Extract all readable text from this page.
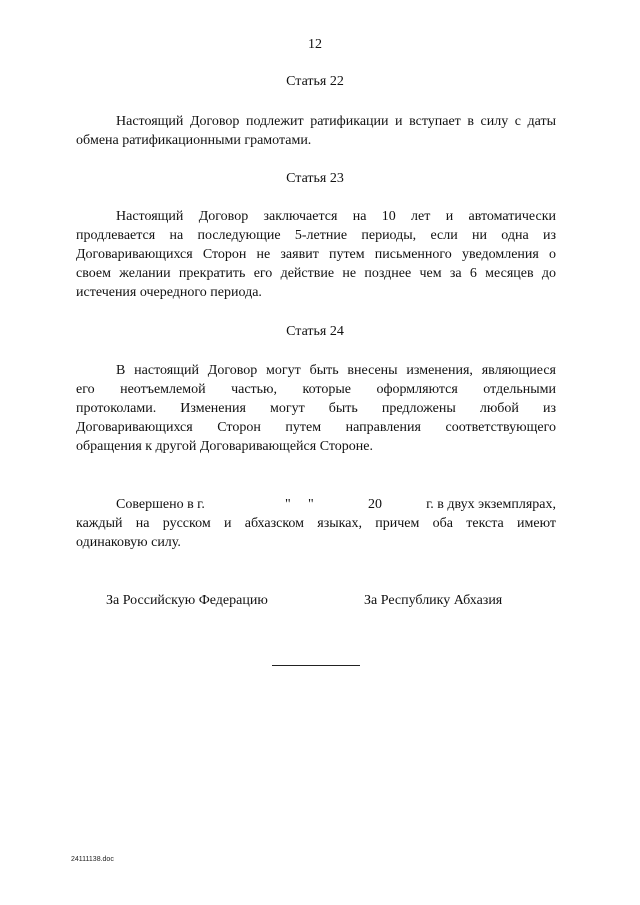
12
Статья 22
Настоящий Договор подлежит ратификации и вступает в силу с даты
обмена ратификационными грамотами.
Статья 23
Настоящий Договор заключается на 10 лет и автоматически
продлевается на последующие 5-летние периоды, если ни одна из
Договаривающихся Сторон не заявит путем письменного уведомления о
своем желании прекратить его действие не позднее чем за 6 месяцев до
истечения очередного периода.
Статья 24
В настоящий Договор могут быть внесены изменения, являющиеся
его неотъемлемой частью, которые оформляются отдельными
протоколами. Изменения могут быть предложены любой из
Договаривающихся Сторон путем направления соответствующего
обращения к другой Договаривающейся Стороне.
Совершено в г.	" "	20	г. в двух экземплярах,
каждый на русском и абхазском языках, причем оба текста имеют
одинаковую силу.
За Российскую Федерацию	За Республику Абхазия
24111138.doc
